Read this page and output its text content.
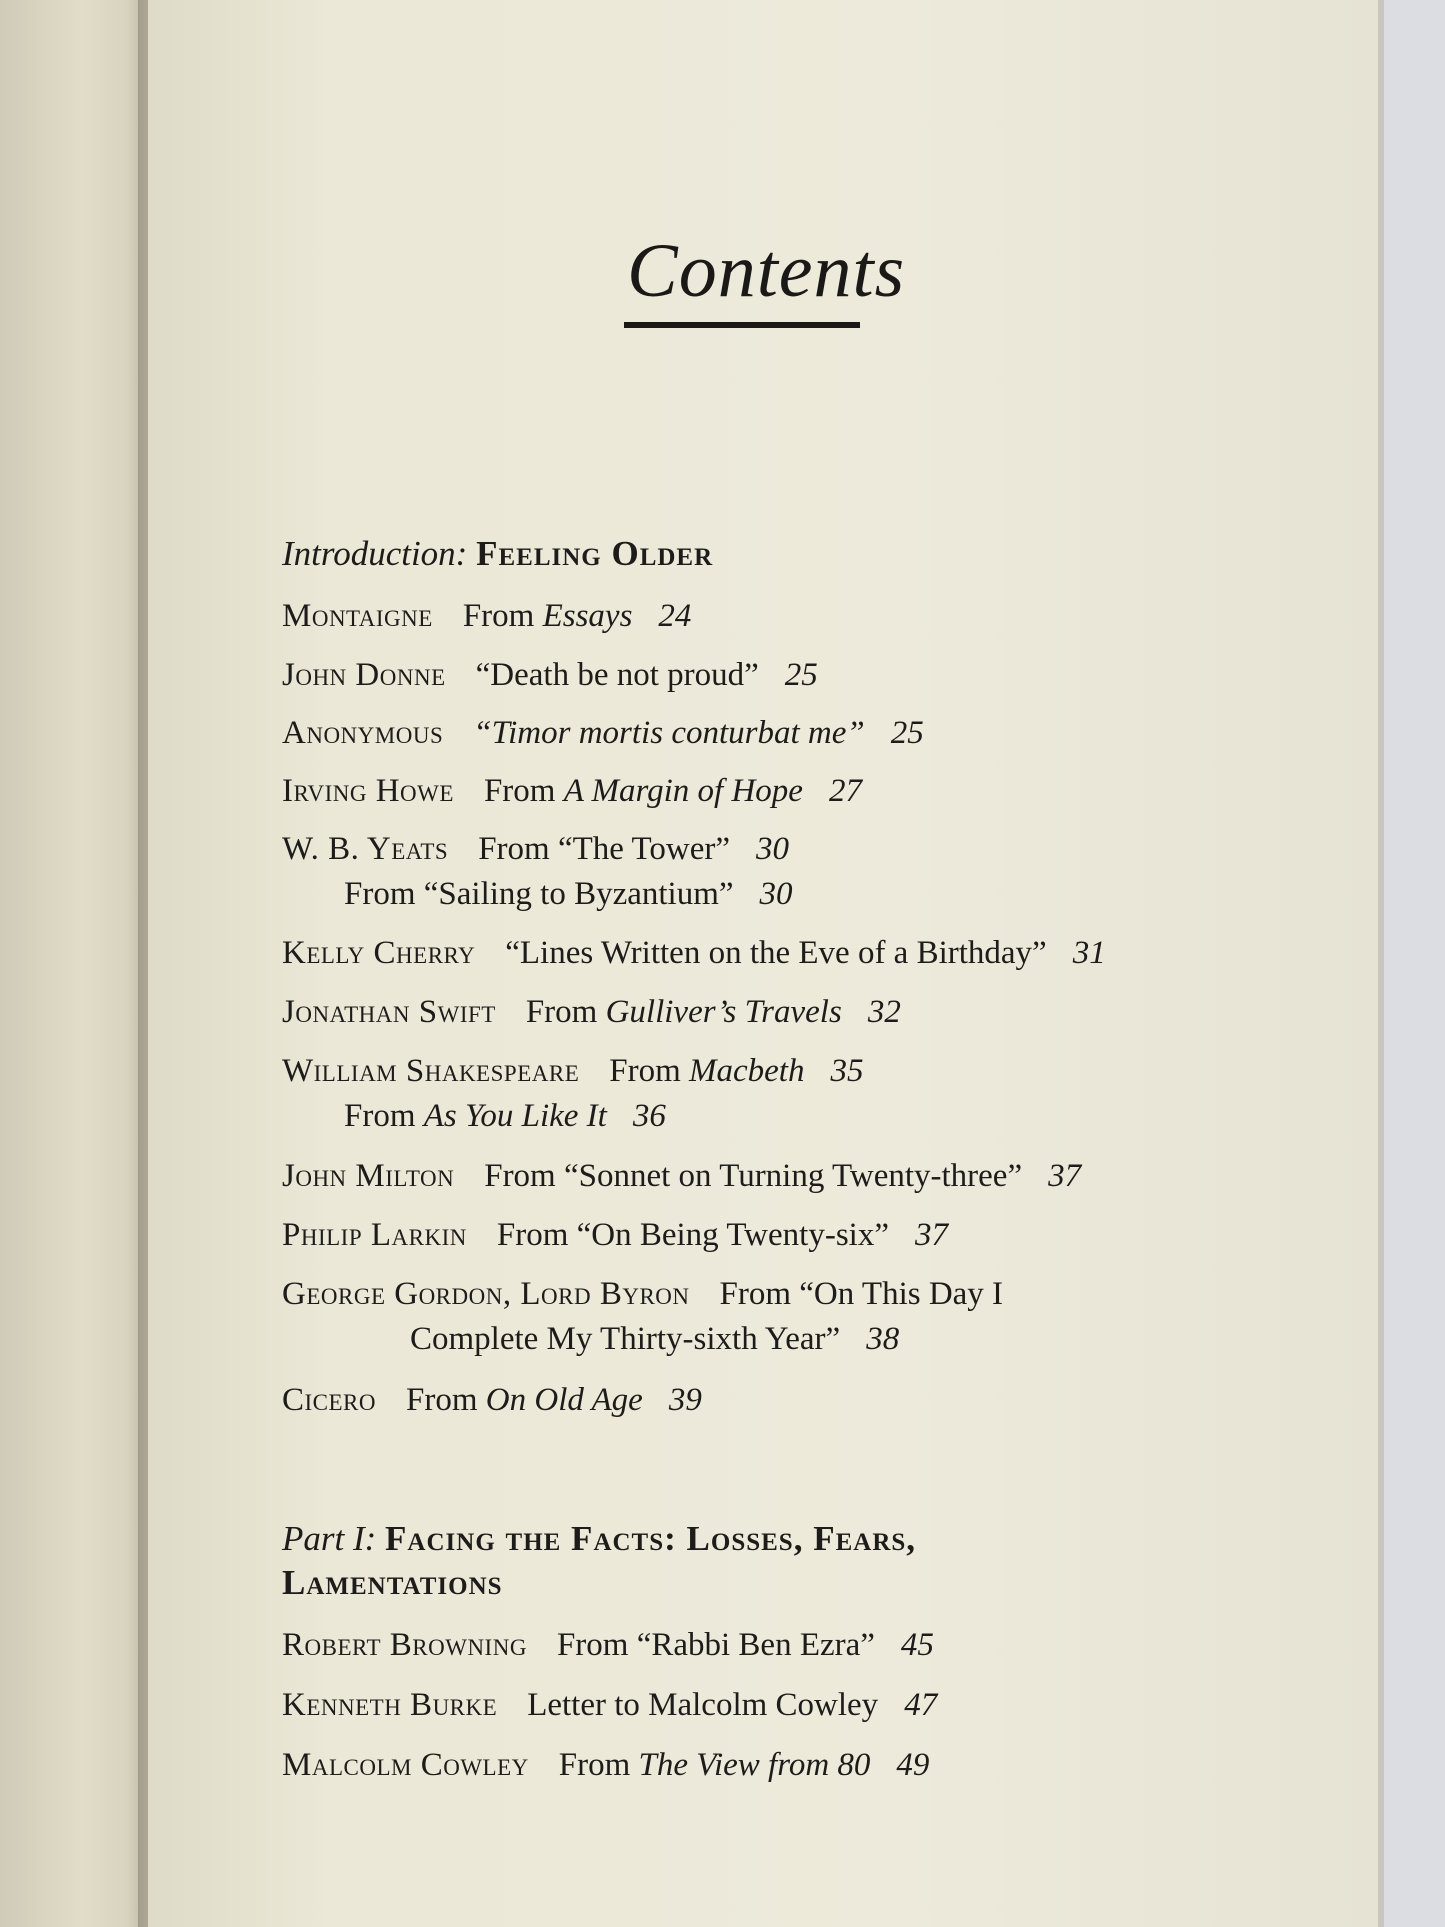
Contents
Introduction: Feeling Older
Montaigne From Essays 24
John Donne “Death be not proud” 25
Anonymous “Timor mortis conturbat me” 25
Irving Howe From A Margin of Hope 27
W. B. Yeats From “The Tower” 30
From “Sailing to Byzantium” 30
Kelly Cherry “Lines Written on the Eve of a Birthday” 31
Jonathan Swift From Gulliver’s Travels 32
William Shakespeare From Macbeth 35
From As You Like It 36
John Milton From “Sonnet on Turning Twenty-three” 37
Philip Larkin From “On Being Twenty-six” 37
George Gordon, Lord Byron From “On This Day I
Complete My Thirty-sixth Year” 38
Cicero From On Old Age 39
Part I: Facing the Facts: Losses, Fears,
Lamentations
Robert Browning From “Rabbi Ben Ezra” 45
Kenneth Burke Letter to Malcolm Cowley 47
Malcolm Cowley From The View from 80 49
